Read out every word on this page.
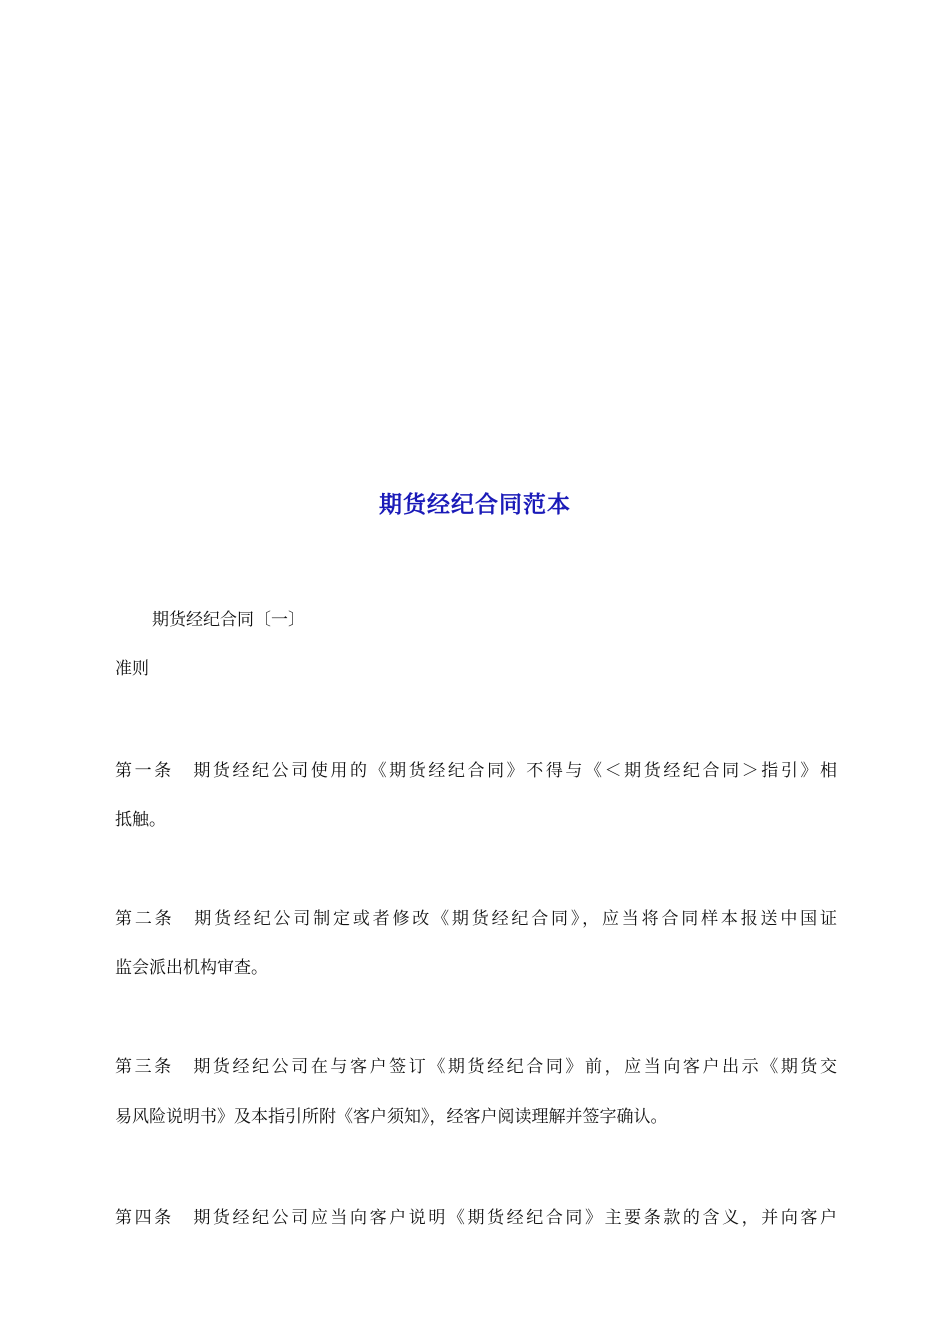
期货经纪合同范本
期货经纪合同〔一〕
准则
第一条　期货经纪公司使用的《期货经纪合同》不得与《＜期货经纪合同＞指引》相
抵触。
第二条　期货经纪公司制定或者修改《期货经纪合同》，应当将合同样本报送中国证
监会派出机构审查。
第三条　期货经纪公司在与客户签订《期货经纪合同》前，应当向客户出示《期货交
易风险说明书》及本指引所附《客户须知》，经客户阅读理解并签字确认。
第四条　期货经纪公司应当向客户说明《期货经纪合同》主要条款的含义，并向客户
